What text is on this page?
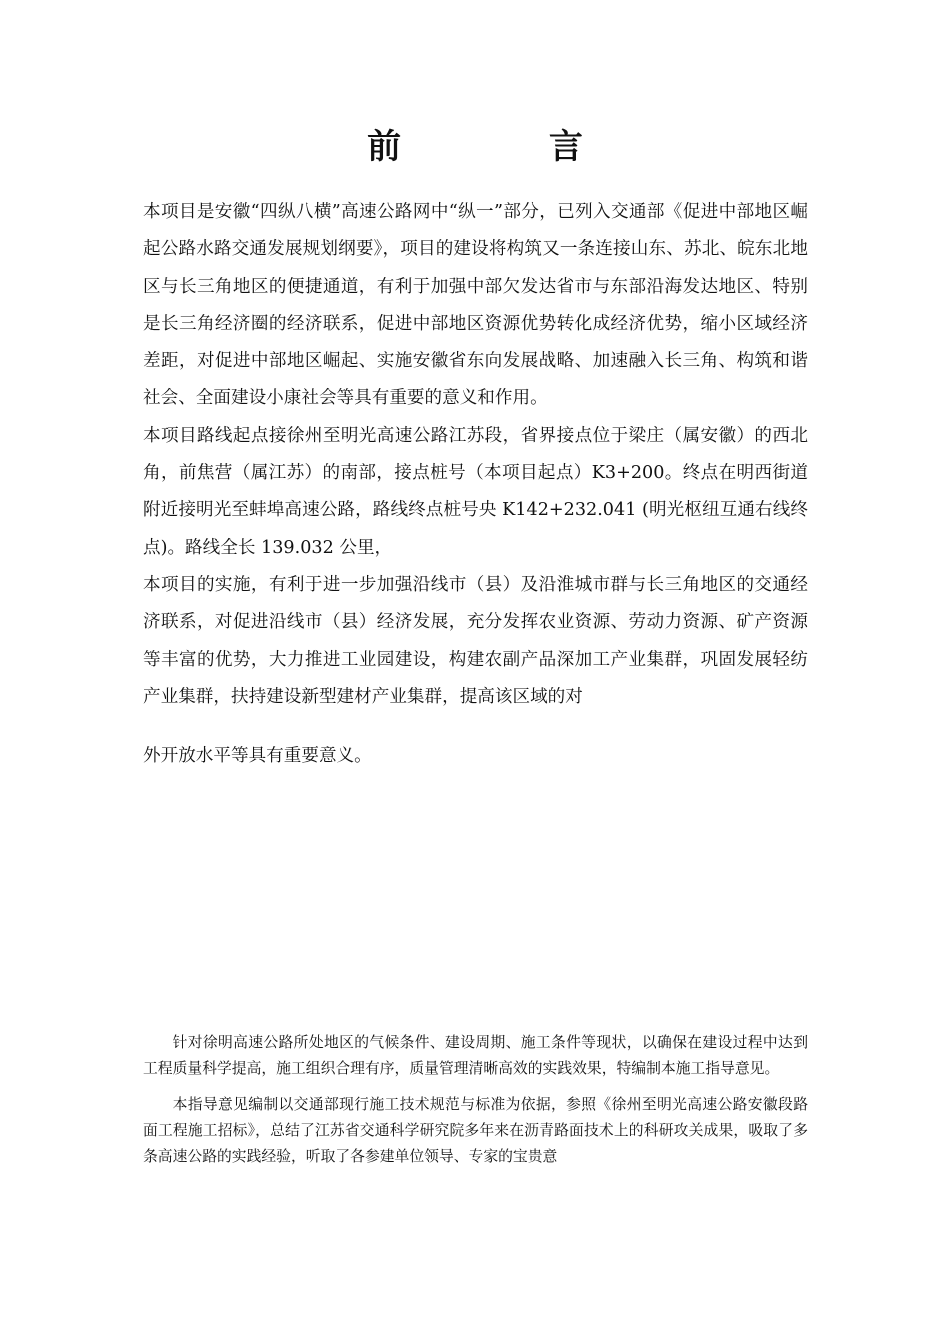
前 言

本项目是安徽“四纵八横”高速公路网中“纵一”部分，已列入交通部《促进中部地区崛起公路水路交通发展规划纲要》，项目的建设将构筑又一条连接山东、苏北、皖东北地区与长三角地区的便捷通道，有利于加强中部欠发达省市与东部沿海发达地区、特别是长三角经济圈的经济联系，促进中部地区资源优势转化成经济优势，缩小区域经济差距，对促进中部地区崛起、实施安徽省东向发展战略、加速融入长三角、构筑和谐社会、全面建设小康社会等具有重要的意义和作用。

本项目路线起点接徐州至明光高速公路江苏段，省界接点位于梁庄（属安徽）的西北角，前焦营（属江苏）的南部，接点桩号（本项目起点）K3+200。终点在明西街道附近接明光至蚌埠高速公路，路线终点桩号央 K142+232.041 (明光枢纽互通右线终点)。路线全长 139.032 公里，

本项目的实施，有利于进一步加强沿线市（县）及沿淮城市群与长三角地区的交通经济联系，对促进沿线市（县）经济发展，充分发挥农业资源、劳动力资源、矿产资源等丰富的优势，大力推进工业园建设，构建农副产品深加工产业集群，巩固发展轻纺产业集群，扶持建设新型建材产业集群，提高该区域的对

外开放水平等具有重要意义。

针对徐明高速公路所处地区的气候条件、建设周期、施工条件等现状，以确保在建设过程中达到工程质量科学提高，施工组织合理有序，质量管理清晰高效的实践效果，特编制本施工指导意见。

本指导意见编制以交通部现行施工技术规范与标准为依据，参照《徐州至明光高速公路安徽段路面工程施工招标》，总结了江苏省交通科学研究院多年来在沥青路面技术上的科研攻关成果，吸取了多条高速公路的实践经验，听取了各参建单位领导、专家的宝贵意
